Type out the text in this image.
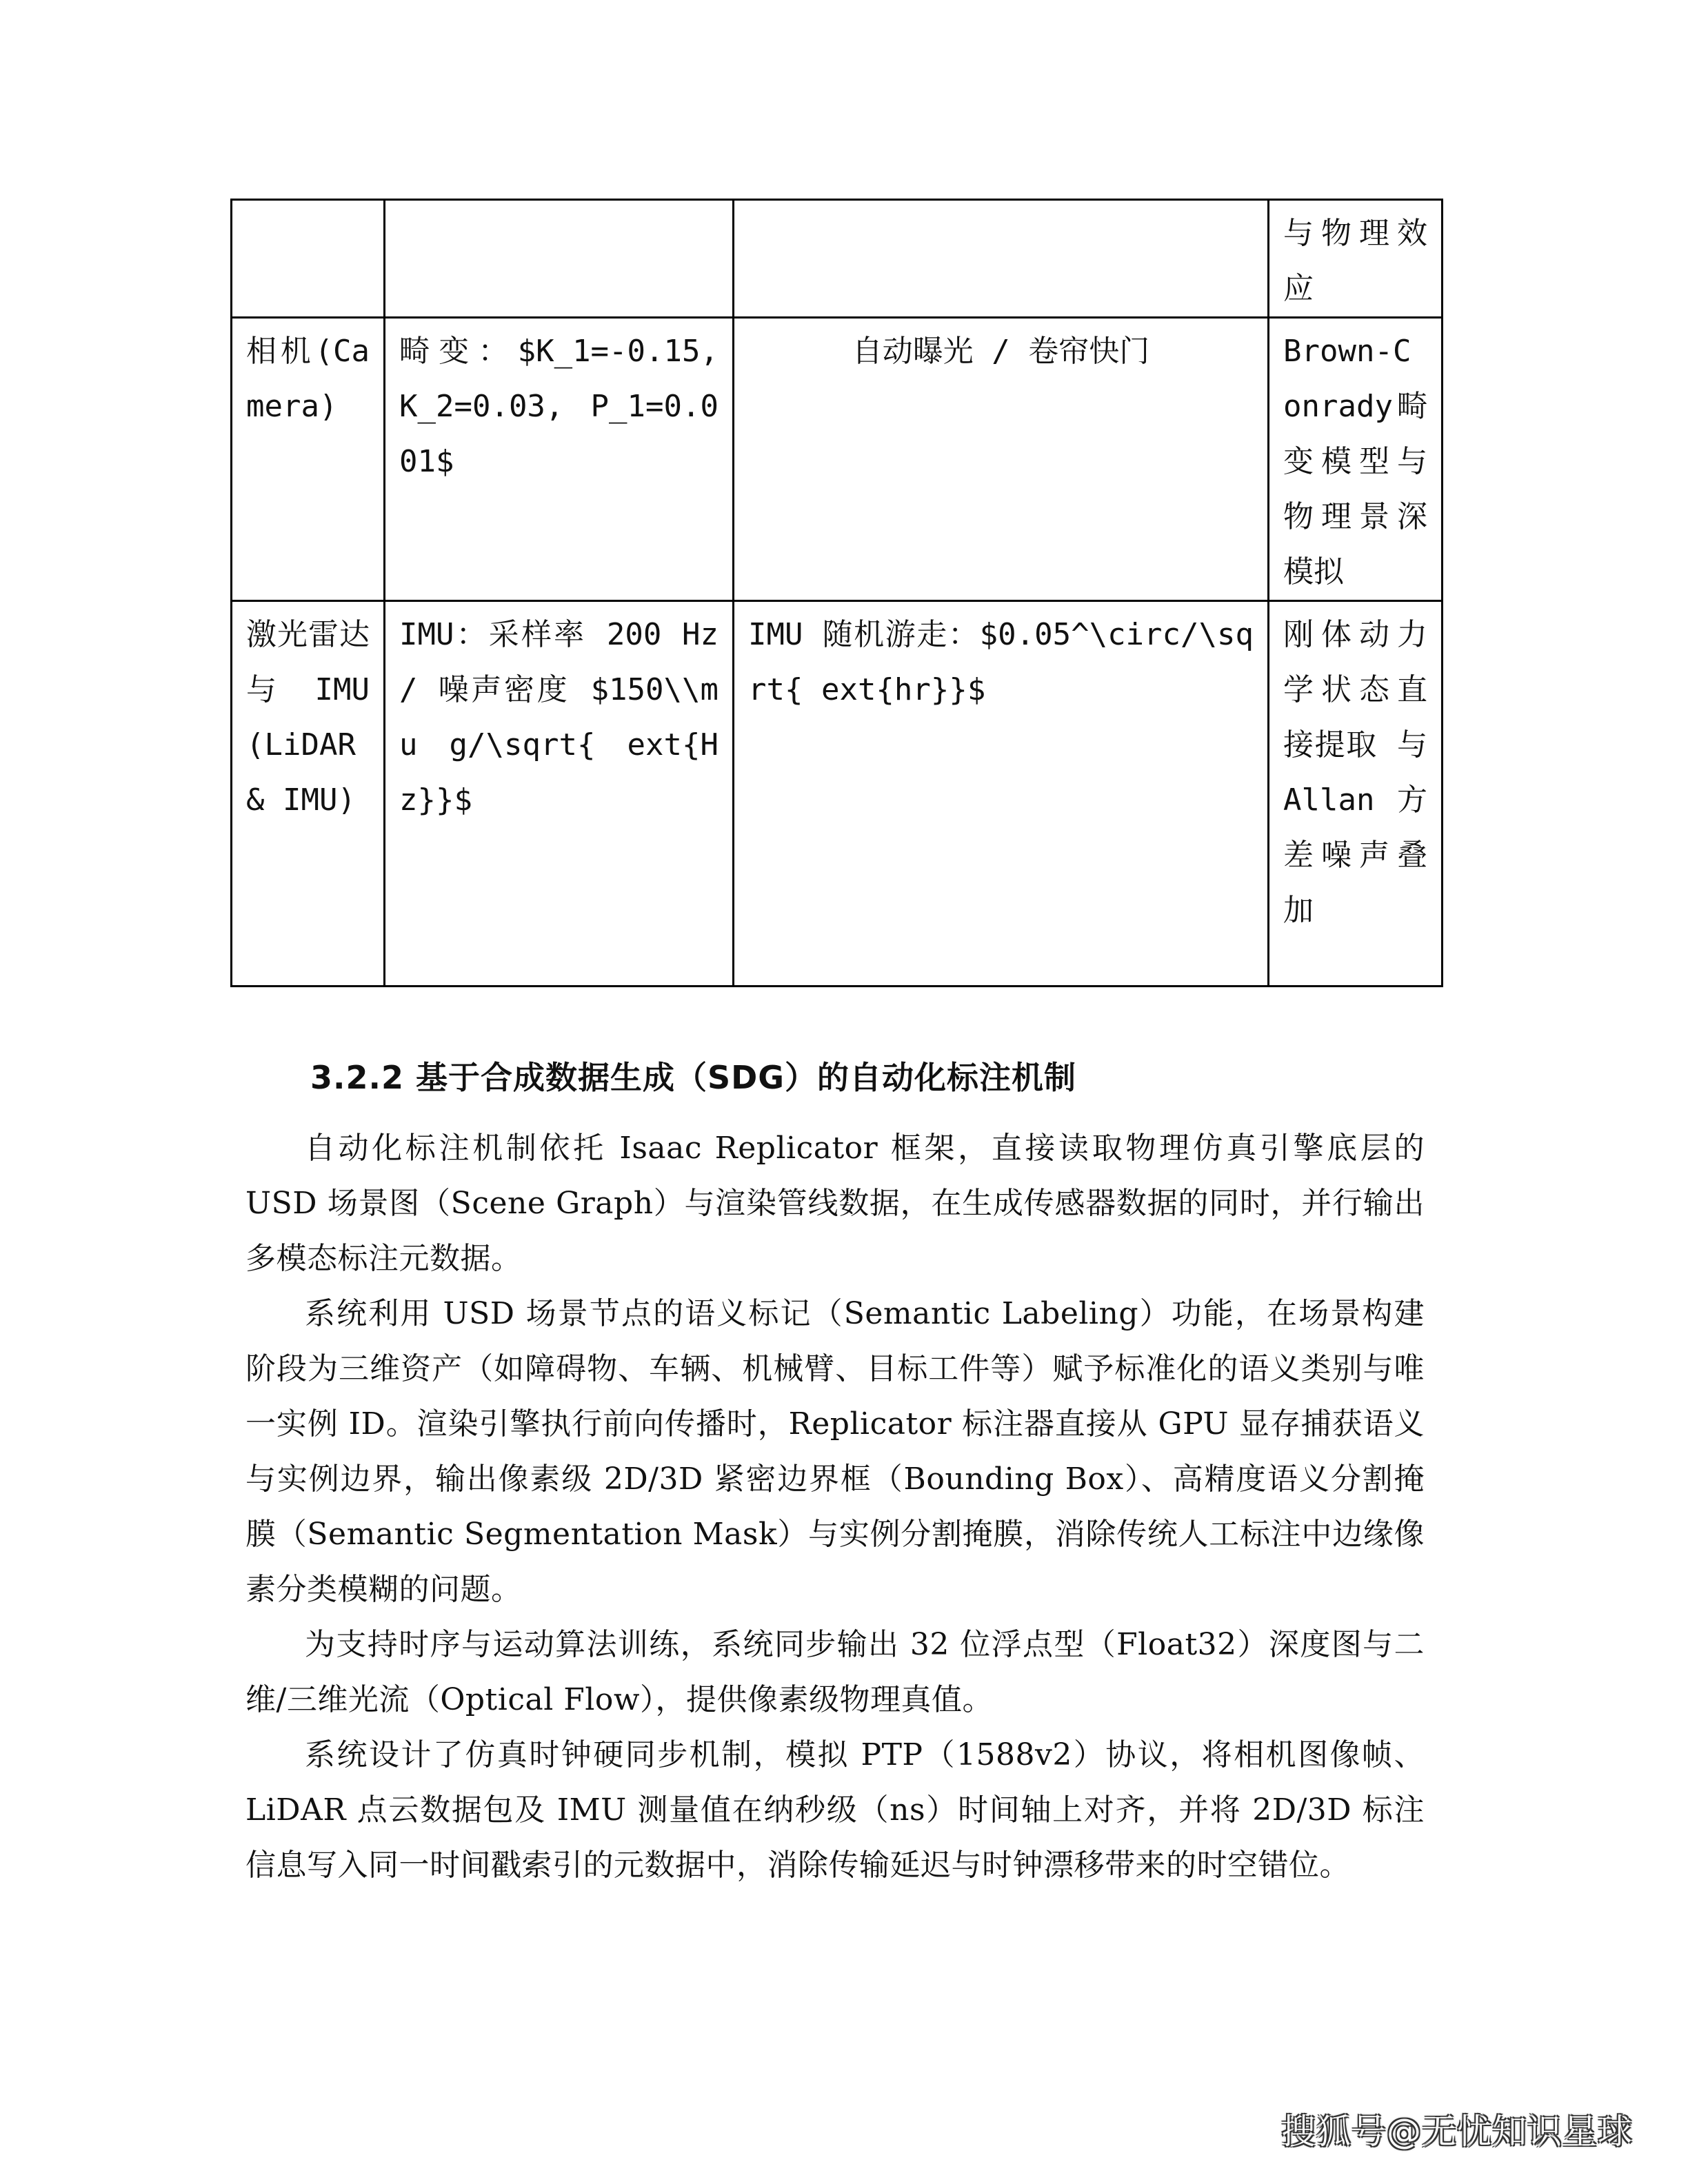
			与物理效应
相机(Camera)	畸变：$K_1=-0.15, K_2=0.03, P_1=0.001$	自动曝光 / 卷帘快门	Brown-Conrady畸变模型与物理景深模拟
激光雷达与 IMU (LiDAR & IMU)	IMU：采样率 200 Hz / 噪声密度 $150\\mu g/\sqrt{ ext{Hz}}$	IMU 随机游走：$0.05^\circ/\sqrt{ ext{hr}}$	刚体动力学状态直接提取 与 Allan 方差噪声叠加
3.2.2 基于合成数据生成（SDG）的自动化标注机制

自动化标注机制依托 Isaac Replicator 框架，直接读取物理仿真引擎底层的 USD 场景图（Scene Graph）与渲染管线数据，在生成传感器数据的同时，并行输出多模态标注元数据。

系统利用 USD 场景节点的语义标记（Semantic Labeling）功能，在场景构建阶段为三维资产（如障碍物、车辆、机械臂、目标工件等）赋予标准化的语义类别与唯一实例 ID。渲染引擎执行前向传播时，Replicator 标注器直接从 GPU 显存捕获语义与实例边界，输出像素级 2D/3D 紧密边界框（Bounding Box）、高精度语义分割掩膜（Semantic Segmentation Mask）与实例分割掩膜，消除传统人工标注中边缘像素分类模糊的问题。

为支持时序与运动算法训练，系统同步输出 32 位浮点型（Float32）深度图与二维/三维光流（Optical Flow），提供像素级物理真值。

系统设计了仿真时钟硬同步机制，模拟 PTP（1588v2）协议，将相机图像帧、LiDAR 点云数据包及 IMU 测量值在纳秒级（ns）时间轴上对齐，并将 2D/3D 标注信息写入同一时间戳索引的元数据中，消除传输延迟与时钟漂移带来的时空错位。

搜狐号@无忧知识星球
